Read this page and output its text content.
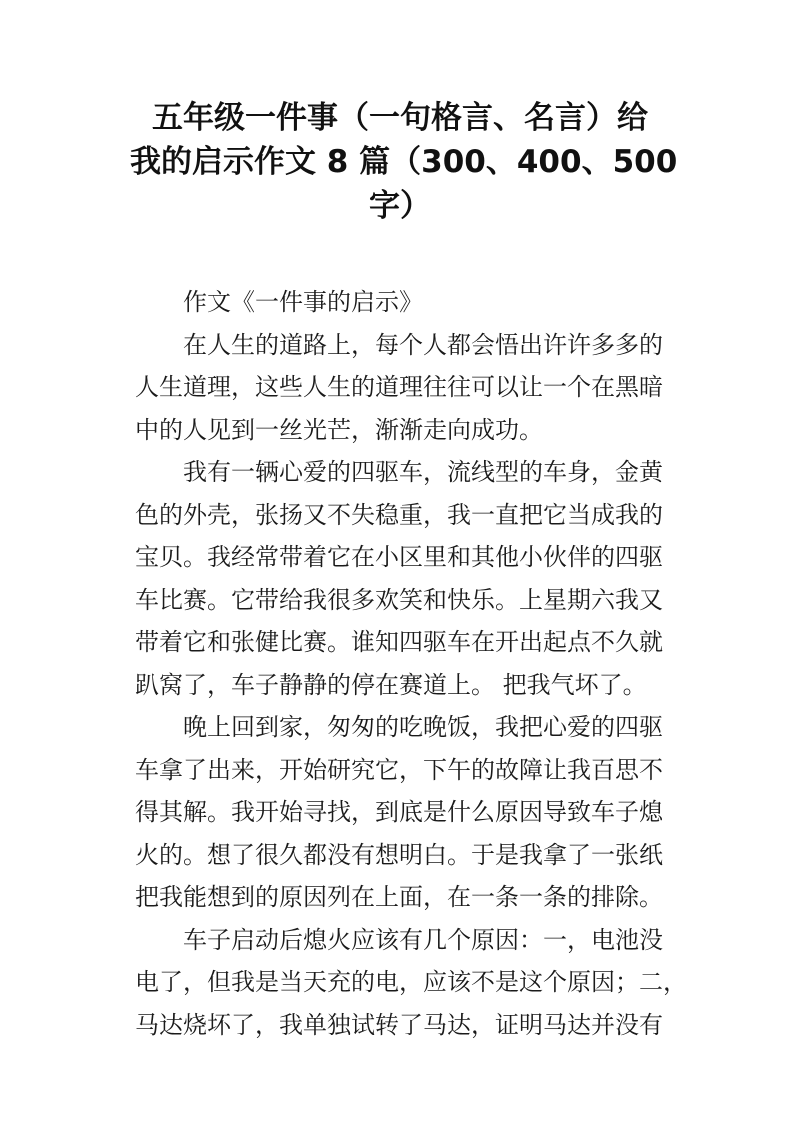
五年级一件事（一句格言、名言）给
我的启示作文 8 篇（300、400、500
字）
作文《一件事的启示》
在人生的道路上，每个人都会悟出许许多多的
人生道理，这些人生的道理往往可以让一个在黑暗
中的人见到一丝光芒，渐渐走向成功。
我有一辆心爱的四驱车，流线型的车身，金黄
色的外壳，张扬又不失稳重，我一直把它当成我的
宝贝。我经常带着它在小区里和其他小伙伴的四驱
车比赛。它带给我很多欢笑和快乐。上星期六我又
带着它和张健比赛。谁知四驱车在开出起点不久就
趴窝了，车子静静的停在赛道上。 把我气坏了。
晚上回到家，匆匆的吃晚饭，我把心爱的四驱
车拿了出来，开始研究它，下午的故障让我百思不
得其解。我开始寻找，到底是什么原因导致车子熄
火的。想了很久都没有想明白。于是我拿了一张纸
把我能想到的原因列在上面，在一条一条的排除。
车子启动后熄火应该有几个原因：一，电池没
电了，但我是当天充的电，应该不是这个原因；二，
马达烧坏了，我单独试转了马达，证明马达并没有
